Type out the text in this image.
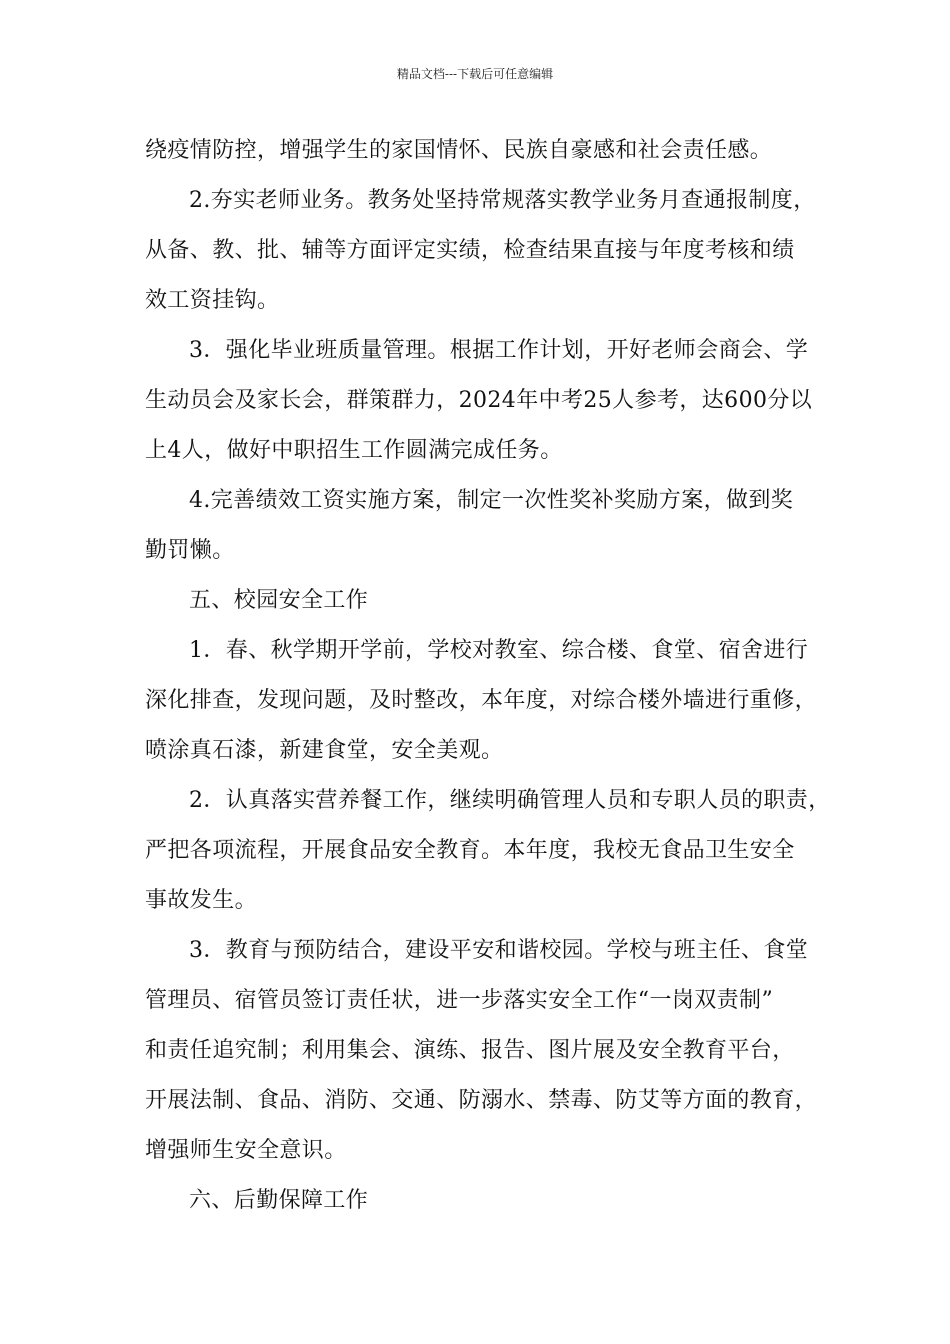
精品文档---下载后可任意编辑

绕疫情防控，增强学生的家国情怀、民族自豪感和社会责任感。

2.夯实老师业务。教务处坚持常规落实教学业务月查通报制度，
从备、教、批、辅等方面评定实绩，检查结果直接与年度考核和绩
效工资挂钩。

3．强化毕业班质量管理。根据工作计划，开好老师会商会、学
生动员会及家长会，群策群力，2024年中考25人参考，达600分以
上4人，做好中职招生工作圆满完成任务。

4.完善绩效工资实施方案，制定一次性奖补奖励方案，做到奖
勤罚懒。

五、校园安全工作

1．春、秋学期开学前，学校对教室、综合楼、食堂、宿舍进行
深化排查，发现问题，及时整改，本年度，对综合楼外墙进行重修，
喷涂真石漆，新建食堂，安全美观。

2．认真落实营养餐工作，继续明确管理人员和专职人员的职责，
严把各项流程，开展食品安全教育。本年度，我校无食品卫生安全
事故发生。

3．教育与预防结合，建设平安和谐校园。学校与班主任、食堂
管理员、宿管员签订责任状，进一步落实安全工作“一岗双责制”
和责任追究制；利用集会、演练、报告、图片展及安全教育平台，
开展法制、食品、消防、交通、防溺水、禁毒、防艾等方面的教育，
增强师生安全意识。

六、后勤保障工作
